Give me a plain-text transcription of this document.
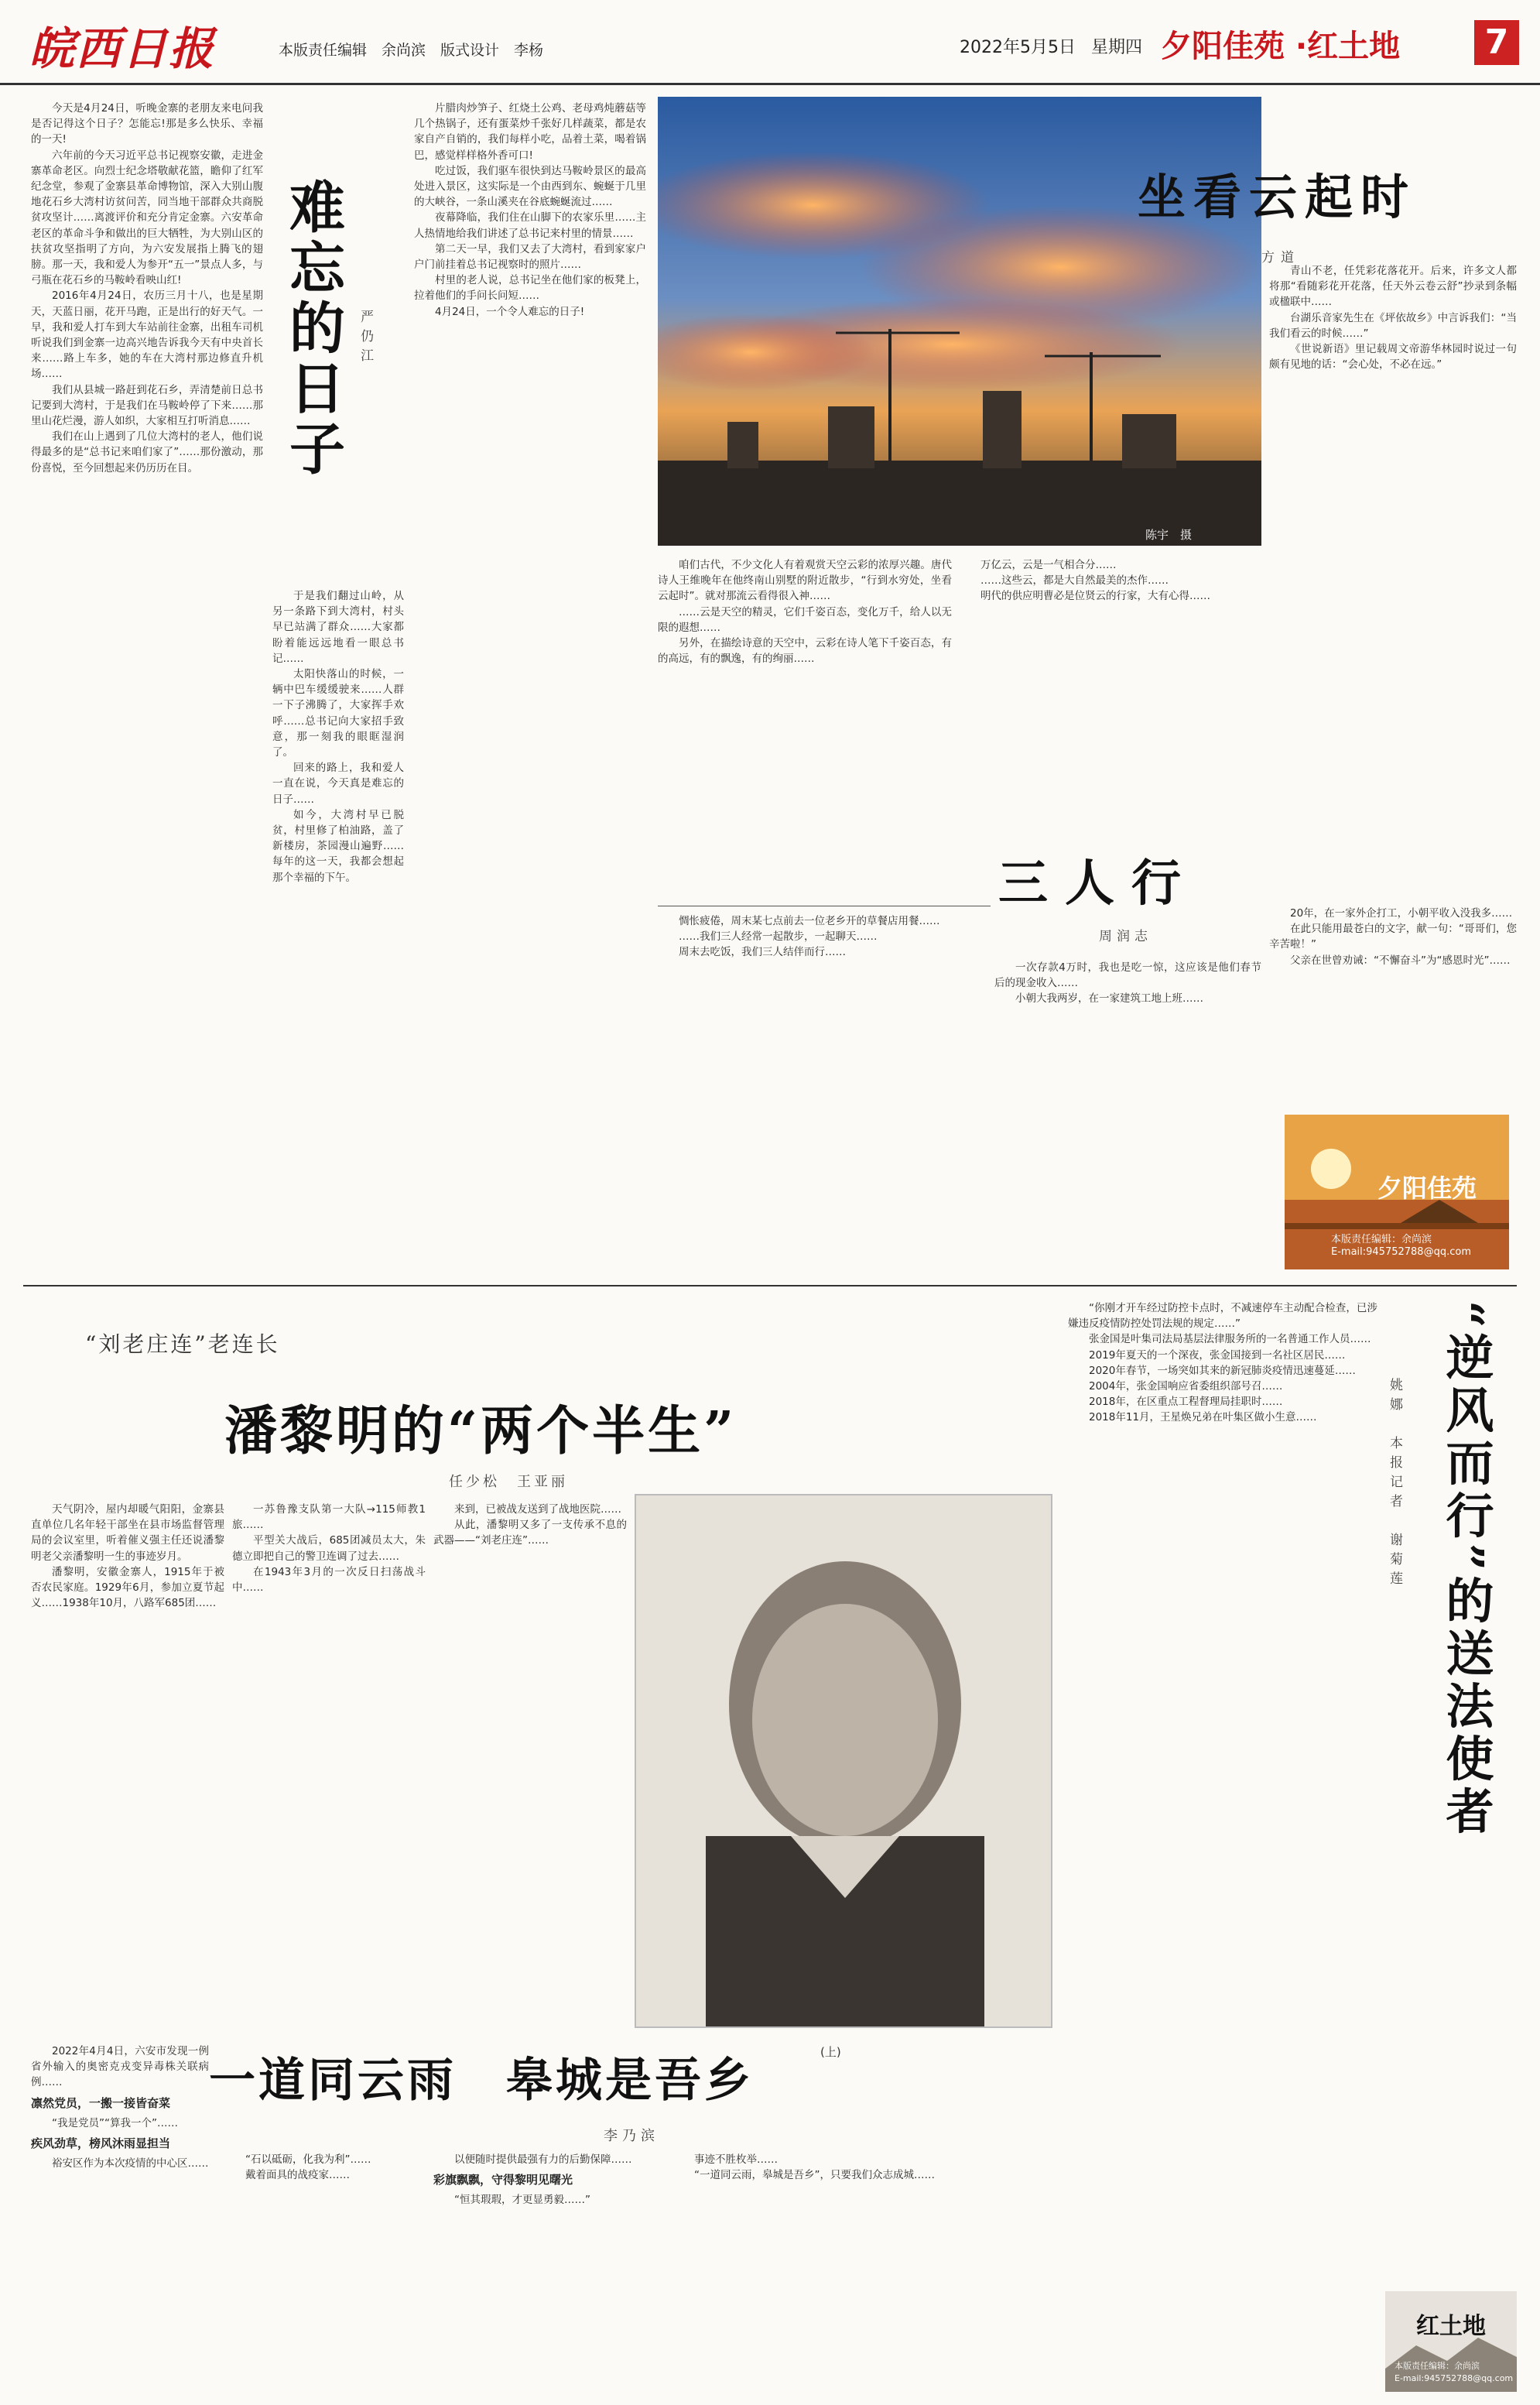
皖西日报	本版责任编辑　余尚滨　版式设计　李杨	2022年5月5日 星期四 夕阳佳苑 ·红土地	7

今天是4月24日，听晚金寨的老朋友来电问我是否记得这个日子？怎能忘!那是多么快乐、幸福的一天!

六年前的今天习近平总书记视察安徽，走进金寨革命老区。向烈士纪念塔敬献花篮，瞻仰了红军纪念堂，参观了金寨县革命博物馆，深入大别山腹地花石乡大湾村访贫问苦，同当地干部群众共商脱贫攻坚计……离渡评价和充分肯定金寨。六安革命老区的革命斗争和做出的巨大牺牲，为大别山区的扶贫攻坚指明了方向，为六安发展指上腾飞的翅膀。那一天，我和爱人为参开“五一”景点人多，与弓瓶在花石乡的马鞍岭看映山红!

2016年4月24日，农历三月十八，也是星期天，天蓝日丽，花开马跑，正是出行的好天气。一早，我和爱人打车到大车站前往金寨，出租车司机听说我们到金寨一边高兴地告诉我今天有中央首长来……路上车多，她的车在大湾村那边修直升机场……

我们从县城一路赶到花石乡，弄清楚前日总书记要到大湾村，于是我们在马鞍岭停了下来……那里山花烂漫，游人如织，大家相互打听消息……

我们在山上遇到了几位大湾村的老人，他们说得最多的是“总书记来咱们家了”……那份激动，那份喜悦，至今回想起来仍历历在目。	难忘的日子 严仍江

于是我们翻过山岭，从另一条路下到大湾村，村头早已站满了群众……大家都盼着能远远地看一眼总书记……

太阳快落山的时候，一辆中巴车缓缓驶来……人群一下子沸腾了，大家挥手欢呼……总书记向大家招手致意，那一刻我的眼眶湿润了。

回来的路上，我和爱人一直在说，今天真是难忘的日子……

如今，大湾村早已脱贫，村里修了柏油路，盖了新楼房，茶园漫山遍野……每年的这一天，我都会想起那个幸福的下午。

片腊肉炒笋子、红烧土公鸡、老母鸡炖蘑菇等几个热锅子，还有蛋菜炒千张好几样蔬菜，都是农家自产自销的，我们每样小吃，品着土菜，喝着锅巴，感觉样样格外香可口!

吃过饭，我们驱车很快到达马鞍岭景区的最高处进入景区，这实际是一个由西到东、蜿蜒于几里的大峡谷，一条山溪夹在谷底蜿蜒流过……

夜幕降临，我们住在山脚下的农家乐里……主人热情地给我们讲述了总书记来村里的情景……

第二天一早，我们又去了大湾村，看到家家户户门前挂着总书记视察时的照片……

村里的老人说，总书记坐在他们家的板凳上，拉着他们的手问长问短……

4月24日，一个令人难忘的日子!

陈宇　摄
坐看云起时
方道

咱们古代，不少文化人有着观赏天空云彩的浓厚兴趣。唐代诗人王维晚年在他终南山别墅的附近散步，“行到水穷处，坐看云起时”。就对那流云看得很入神……

……云是天空的精灵，它们千姿百态，变化万千，给人以无限的遐想……

另外，在描绘诗意的天空中，云彩在诗人笔下千姿百态，有的高远，有的飘逸，有的绚丽……

万亿云，云是一气相合分……

……这些云，都是大自然最美的杰作……

明代的供应明曹必是位贤云的行家，大有心得……

青山不老，任凭彩花落花开。后来，许多文人都将那“看随彩花开花落，任天外云卷云舒”抄录到条幅或楹联中……

台湖乐音家先生在《坪依故乡》中言诉我们：“当我们看云的时候……”

《世说新语》里记载周文帝游华林园时说过一句颇有见地的话：“会心处，不必在远。”

三人行
周润志

惆怅疲倦，周末某七点前去一位老乡开的草餐店用餐……

……我们三人经常一起散步，一起聊天……

周末去吃饭，我们三人结伴而行……

一次存款4万时，我也是吃一惊，这应该是他们春节后的现金收入……

小朝大我两岁，在一家建筑工地上班……

20年，在一家外企打工，小朝平收入没我多……

在此只能用最苍白的文字，献一句：“哥哥们，您辛苦啦！”

父亲在世曾劝诫：“不懈奋斗”为“感恩时光”……

夕阳佳苑
本版责任编辑：余尚滨
E-mail:945752788@qq.com
“刘老庄连”老连长
潘黎明的“两个半生”
任少松　王亚丽

天气阴冷，屋内却暖气阳阳，金寨县直单位几名年轻干部坐在县市场监督管理局的会议室里，听着催义强主任还说潘黎明老父亲潘黎明一生的事迹岁月。

潘黎明，安徽金寨人，1915年于被否农民家庭。1929年6月，参加立夏节起义……1938年10月，八路军685团……

一苏鲁豫支队第一大队→115师教1旅……

平型关大战后，685团减员太大，朱德立即把自己的警卫连调了过去……

在1943年3月的一次反日扫荡战斗中……

来到，已被战友送到了战地医院……

从此，潘黎明又多了一支传承不息的武器——“刘老庄连”……

(上)
“逆风而行”的送法使者
姚娜　本报记者　谢菊莲

“你刚才开车经过防控卡点时，不减速停车主动配合检查，已涉嫌违反疫情防控处罚法规的规定……”

张金国是叶集司法局基层法律服务所的一名普通工作人员……

2019年夏天的一个深夜，张金国接到一名社区居民……

2020年春节，一场突如其来的新冠肺炎疫情迅速蔓延……

2004年，张金国响应省委组织部号召……

2018年，在区重点工程督理局挂职时……

2018年11月，王星焕兄弟在叶集区做小生意……

一道同云雨　皋城是吾乡
李乃滨

2022年4月4日，六安市发现一例省外输入的奥密克戎变异毒株关联病例……

凛然党员，一搬一接皆奋菜

“我是党员”“算我一个”……

疾风劲草，榜风沐雨显担当

裕安区作为本次疫情的中心区……	“石以砥砺，化我为利”……

戴着面具的战疫家……

以便随时提供最强有力的后勤保障……

彩旗飘飘，守得黎明见曙光

“恒其瑕瑕，才更显勇毅……”

事迹不胜枚举……

“一道同云雨，皋城是吾乡”，只要我们众志成城……

红土地
本版责任编辑：余尚滨
E-mail:945752788@qq.com
